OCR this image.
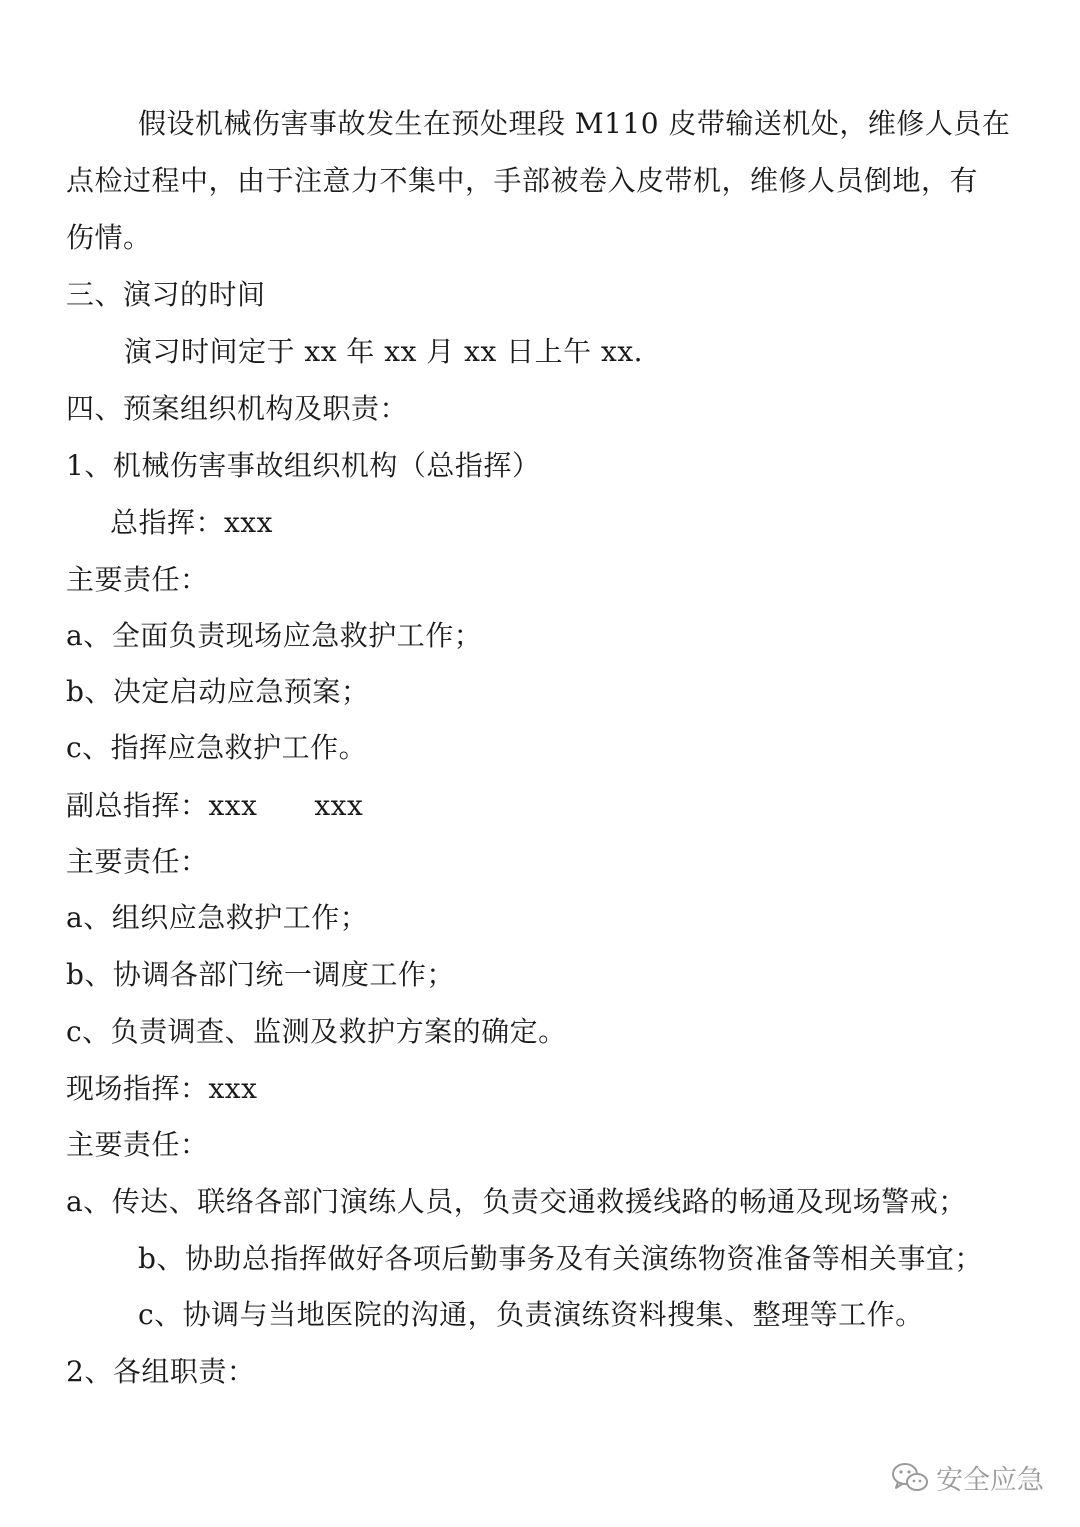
假设机械伤害事故发生在预处理段 M110 皮带输送机处，维修人员在
点检过程中，由于注意力不集中，手部被卷入皮带机，维修人员倒地，有
伤情。
三、演习的时间
演习时间定于 xx 年 xx 月 xx 日上午 xx.
四、预案组织机构及职责：
1、机械伤害事故组织机构（总指挥）
总指挥：xxx
主要责任：
a、全面负责现场应急救护工作；
b、决定启动应急预案；
c、指挥应急救护工作。
副总指挥：xxx　　xxx
主要责任：
a、组织应急救护工作；
b、协调各部门统一调度工作；
c、负责调查、监测及救护方案的确定。
现场指挥：xxx
主要责任：
a、传达、联络各部门演练人员，负责交通救援线路的畅通及现场警戒；
b、协助总指挥做好各项后勤事务及有关演练物资准备等相关事宜；
c、协调与当地医院的沟通，负责演练资料搜集、整理等工作。
2、各组职责：
安全应急
